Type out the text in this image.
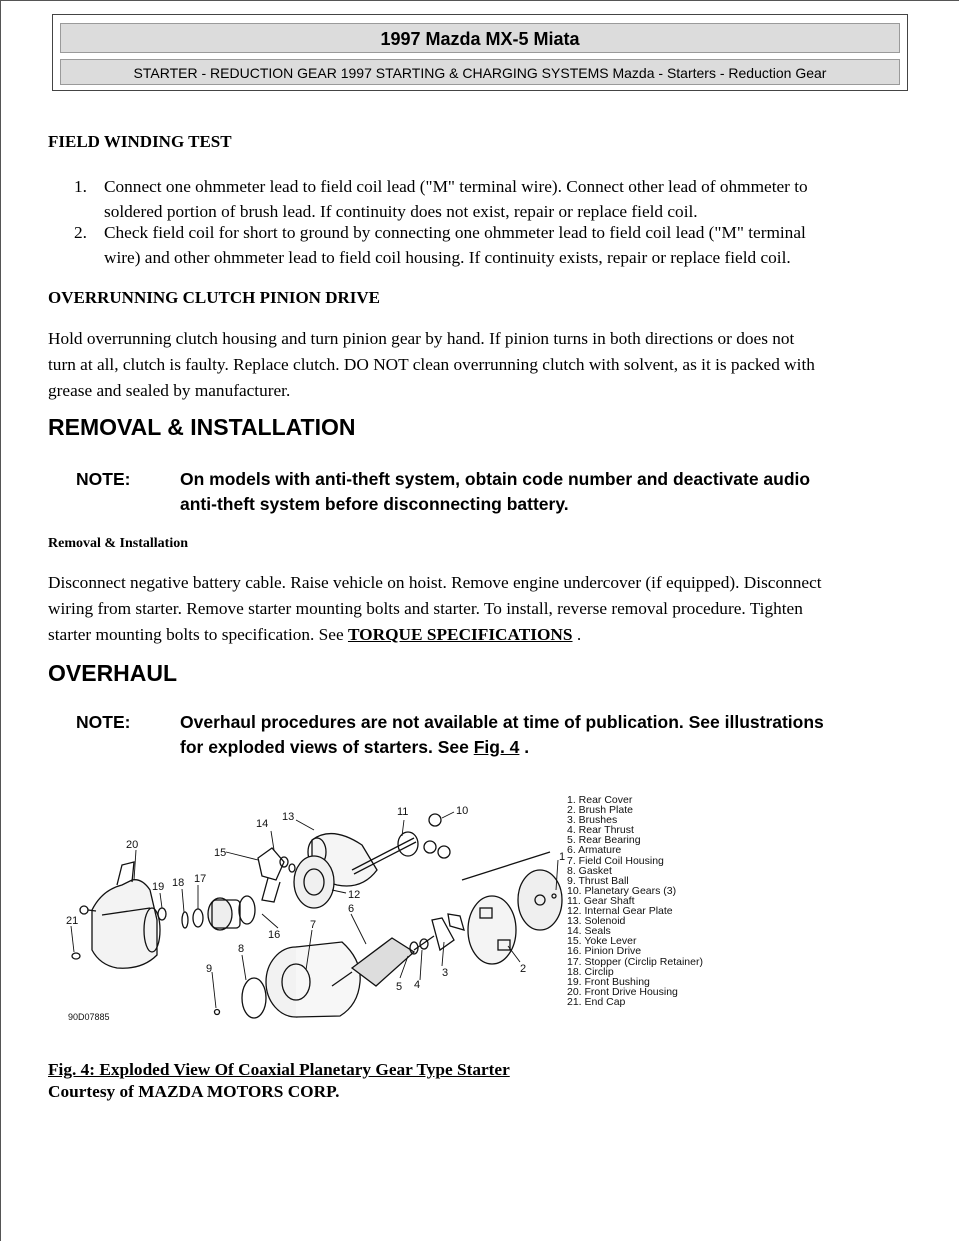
1997 Mazda MX-5 Miata
STARTER - REDUCTION GEAR 1997 STARTING & CHARGING SYSTEMS Mazda - Starters - Reduction Gear
FIELD WINDING TEST
1. Connect one ohmmeter lead to field coil lead ("M" terminal wire). Connect other lead of ohmmeter to
soldered portion of brush lead. If continuity does not exist, repair or replace field coil.
2. Check field coil for short to ground by connecting one ohmmeter lead to field coil lead ("M" terminal
wire) and other ohmmeter lead to field coil housing. If continuity exists, repair or replace field coil.
OVERRUNNING CLUTCH PINION DRIVE
Hold overrunning clutch housing and turn pinion gear by hand. If pinion turns in both directions or does not
turn at all, clutch is faulty. Replace clutch. DO NOT clean overrunning clutch with solvent, as it is packed with
grease and sealed by manufacturer.
REMOVAL & INSTALLATION
NOTE:	On models with anti-theft system, obtain code number and deactivate audio
anti-theft system before disconnecting battery.
Removal & Installation
Disconnect negative battery cable. Raise vehicle on hoist. Remove engine undercover (if equipped). Disconnect
wiring from starter. Remove starter mounting bolts and starter. To install, reverse removal procedure. Tighten
starter mounting bolts to specification. See TORQUE SPECIFICATIONS .
OVERHAUL
NOTE:	Overhaul procedures are not available at time of publication. See illustrations
for exploded views of starters. See Fig. 4 .
20
19 18 17
21
15
14
13
12
11	10
1
16
7
6
8
9
5 4
3	2
90D07885
1. Rear Cover
2. Brush Plate
3. Brushes
4. Rear Thrust
5. Rear Bearing
6. Armature
7. Field Coil Housing
8. Gasket
9. Thrust Ball
10. Planetary Gears (3)
11. Gear Shaft
12. Internal Gear Plate
13. Solenoid
14. Seals
15. Yoke Lever
16. Pinion Drive
17. Stopper (Circlip Retainer)
18. Circlip
19. Front Bushing
20. Front Drive Housing
21. End Cap
Fig. 4: Exploded View Of Coaxial Planetary Gear Type Starter
Courtesy of MAZDA MOTORS CORP.
